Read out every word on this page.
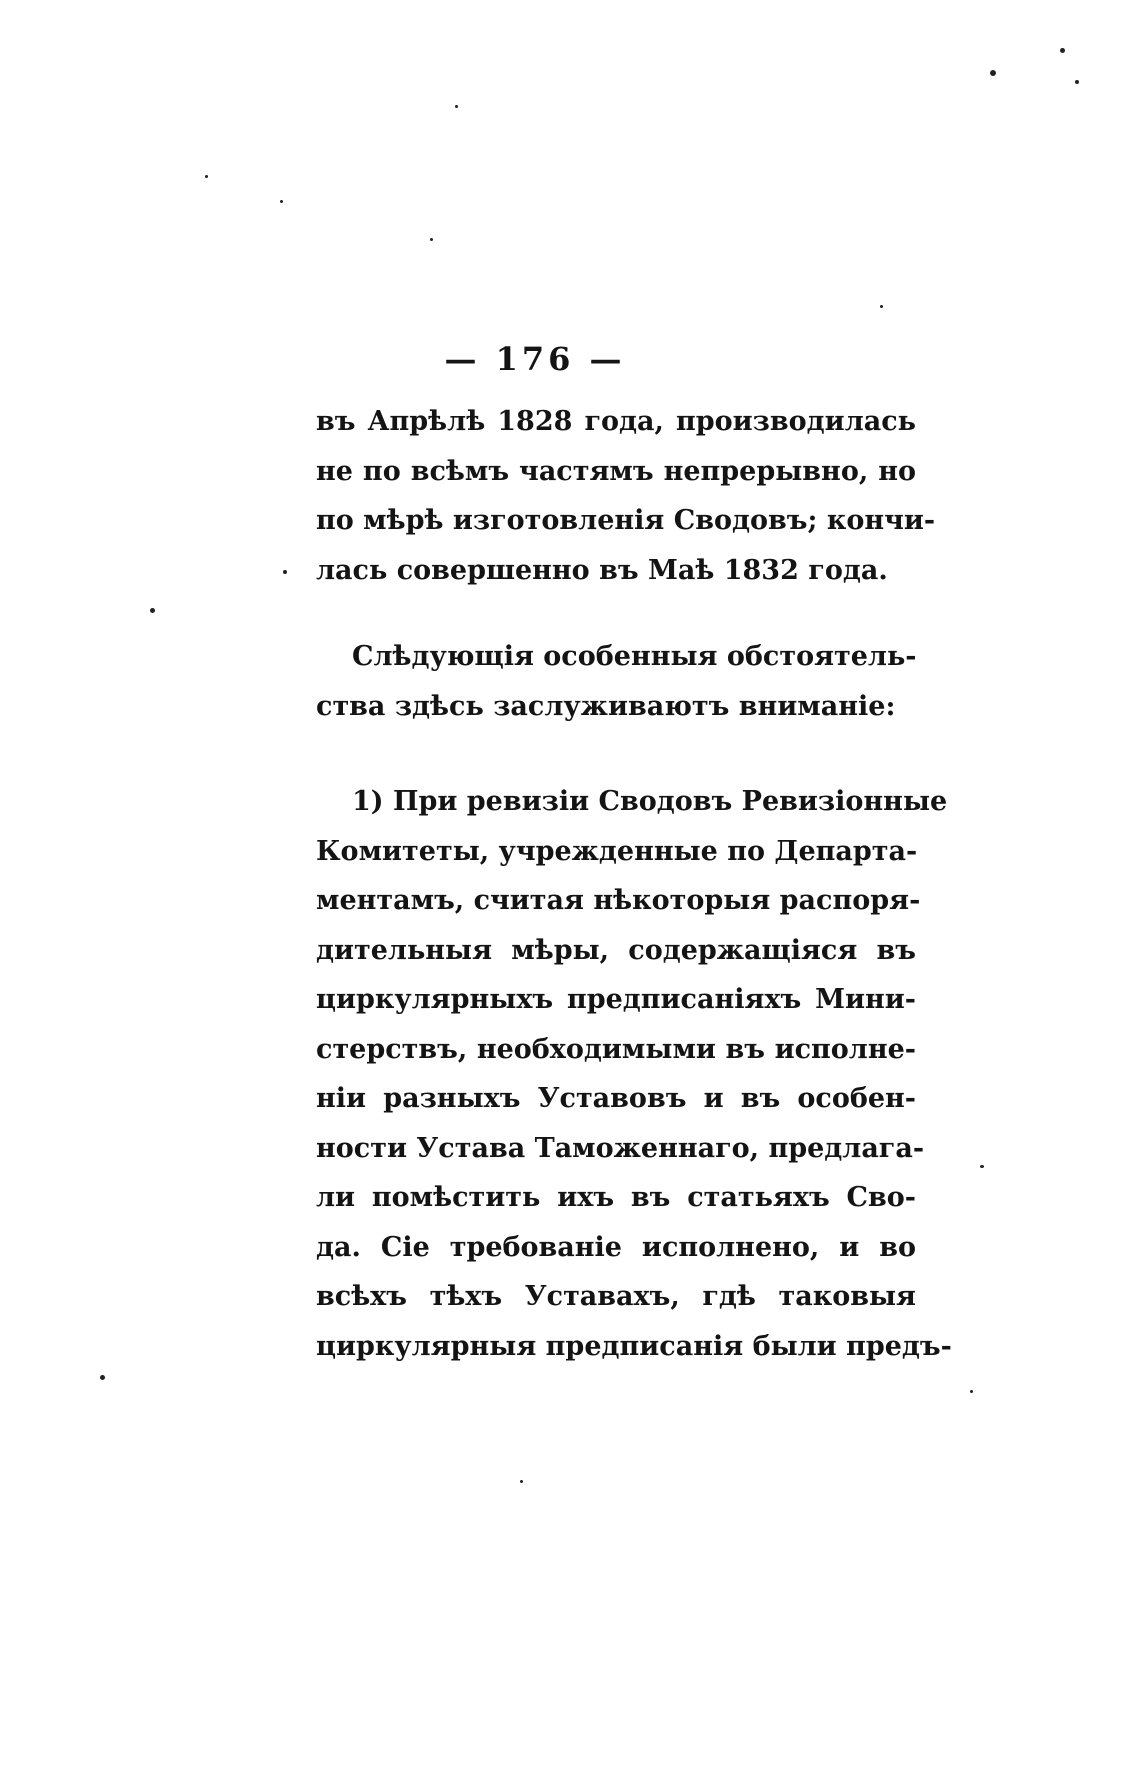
— 176 —
въ Апрѣлѣ 1828 года, производилась
не по всѣмъ частямъ непрерывно, но
по мѣрѣ изготовленія Сводовъ; кончи-
лась совершенно въ Маѣ 1832 года.
Слѣдующія особенныя обстоятель-
ства здѣсь заслуживаютъ вниманіе:
1) При ревизіи Сводовъ Ревизіонные
Комитеты, учрежденные по Департа-
ментамъ, считая нѣкоторыя распоря-
дительныя мѣры, содержащіяся въ
циркулярныхъ предписаніяхъ Мини-
стерствъ, необходимыми въ исполне-
ніи разныхъ Уставовъ и въ особен-
ности Устава Таможеннаго, предлага-
ли помѣстить ихъ въ статьяхъ Сво-
да. Сіе требованіе исполнено, и во
всѣхъ тѣхъ Уставахъ, гдѣ таковыя
циркулярныя предписанія были предъ-
